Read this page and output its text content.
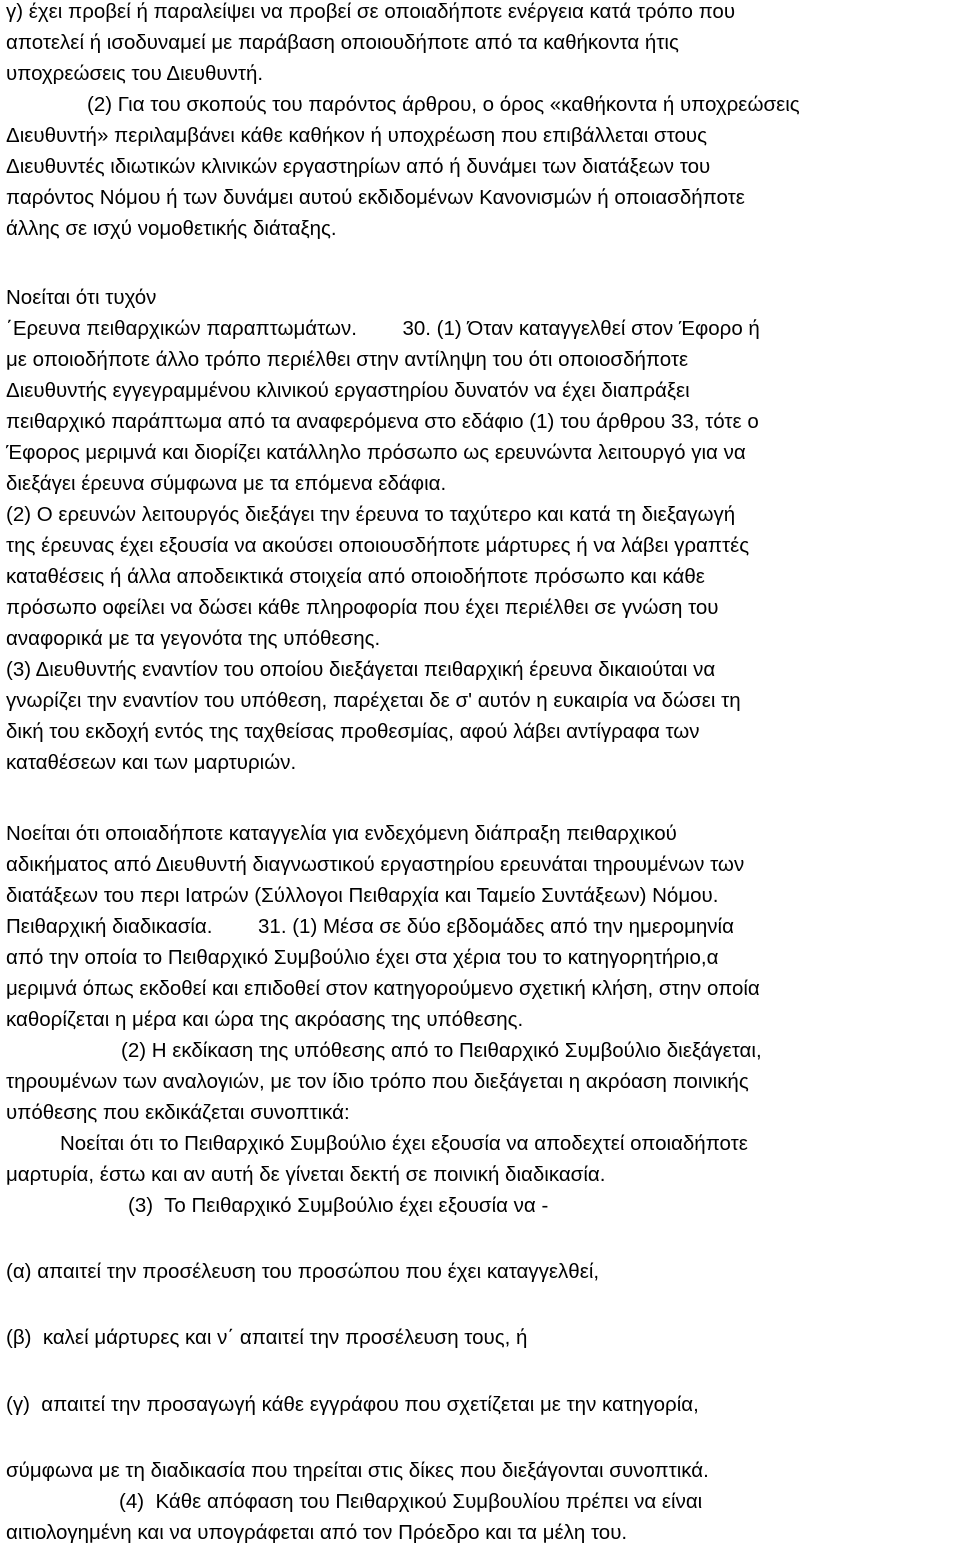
γ) έχει προβεί ή παραλείψει να προβεί σε οποιαδήποτε ενέργεια κατά τρόπο που
αποτελεί ή ισοδυναμεί με παράβαση οποιουδήποτε από τα καθήκοντα ήτις
υποχρεώσεις του Διευθυντή.
(2) Για του σκοπούς του παρόντος άρθρου, ο όρος «καθήκοντα ή υποχρεώσεις
Διευθυντή» περιλαμβάνει κάθε καθήκον ή υποχρέωση που επιβάλλεται στους
Διευθυντές ιδιωτικών κλινικών εργαστηρίων από ή δυνάμει των διατάξεων του
παρόντος Νόμου ή των δυνάμει αυτού εκδιδομένων Κανονισμών ή οποιασδήποτε
άλλης σε ισχύ νομοθετικής διάταξης.
Νοείται ότι τυχόν
΄Ερευνα πειθαρχικών παραπτωμάτων.        30. (1) Όταν καταγγελθεί στον Έφορο ή
με οποιοδήποτε άλλο τρόπο περιέλθει στην αντίληψη του ότι οποιοσδήποτε
Διευθυντής εγγεγραμμένου κλινικού εργαστηρίου δυνατόν να έχει διαπράξει
πειθαρχικό παράπτωμα από τα αναφερόμενα στο εδάφιο (1) του άρθρου 33, τότε ο
Έφορος μεριμνά και διορίζει κατάλληλο πρόσωπο ως ερευνώντα λειτουργό για να
διεξάγει έρευνα σύμφωνα με τα επόμενα εδάφια.
(2) Ο ερευνών λειτουργός διεξάγει την έρευνα το ταχύτερο και κατά τη διεξαγωγή
της έρευνας έχει εξουσία να ακούσει οποιουσδήποτε μάρτυρες ή να λάβει γραπτές
καταθέσεις ή άλλα αποδεικτικά στοιχεία από οποιοδήποτε πρόσωπο και κάθε
πρόσωπο οφείλει να δώσει κάθε πληροφορία που έχει περιέλθει σε γνώση του
αναφορικά με τα γεγονότα της υπόθεσης.
(3) Διευθυντής εναντίον του οποίου διεξάγεται πειθαρχική έρευνα δικαιούται να
γνωρίζει την εναντίον του υπόθεση, παρέχεται δε σ' αυτόν η ευκαιρία να δώσει τη
δική του εκδοχή εντός της ταχθείσας προθεσμίας, αφού λάβει αντίγραφα των
καταθέσεων και των μαρτυριών.
Νοείται ότι οποιαδήποτε καταγγελία για ενδεχόμενη διάπραξη πειθαρχικού
αδικήματος από Διευθυντή διαγνωστικού εργαστηρίου ερευνάται τηρουμένων των
διατάξεων του περι Ιατρών (Σύλλογοι Πειθαρχία και Ταμείο Συντάξεων) Νόμου.
Πειθαρχική διαδικασία.        31. (1) Μέσα σε δύο εβδομάδες από την ημερομηνία
από την οποία το Πειθαρχικό Συμβούλιο έχει στα χέρια του το κατηγορητήριο,α
μεριμνά όπως εκδοθεί και επιδοθεί στον κατηγορούμενο σχετική κλήση, στην οποία
καθορίζεται η μέρα και ώρα της ακρόασης της υπόθεσης.
(2) Η εκδίκαση της υπόθεσης από το Πειθαρχικό Συμβούλιο διεξάγεται,
τηρουμένων των αναλογιών, με τον ίδιο τρόπο που διεξάγεται η ακρόαση ποινικής
υπόθεσης που εκδικάζεται συνοπτικά:
Νοείται ότι το Πειθαρχικό Συμβούλιο έχει εξουσία να αποδεχτεί οποιαδήποτε
μαρτυρία, έστω και αν αυτή δε γίνεται δεκτή σε ποινική διαδικασία.
(3)  Το Πειθαρχικό Συμβούλιο έχει εξουσία να -
(α) απαιτεί την προσέλευση του προσώπου που έχει καταγγελθεί,
(β)  καλεί μάρτυρες και ν΄ απαιτεί την προσέλευση τους, ή
(γ)  απαιτεί την προσαγωγή κάθε εγγράφου που σχετίζεται με την κατηγορία,
σύμφωνα με τη διαδικασία που τηρείται στις δίκες που διεξάγονται συνοπτικά.
(4)  Κάθε απόφαση του Πειθαρχικού Συμβουλίου πρέπει να είναι
αιτιολογημένη και να υπογράφεται από τον Πρόεδρο και τα μέλη του.
